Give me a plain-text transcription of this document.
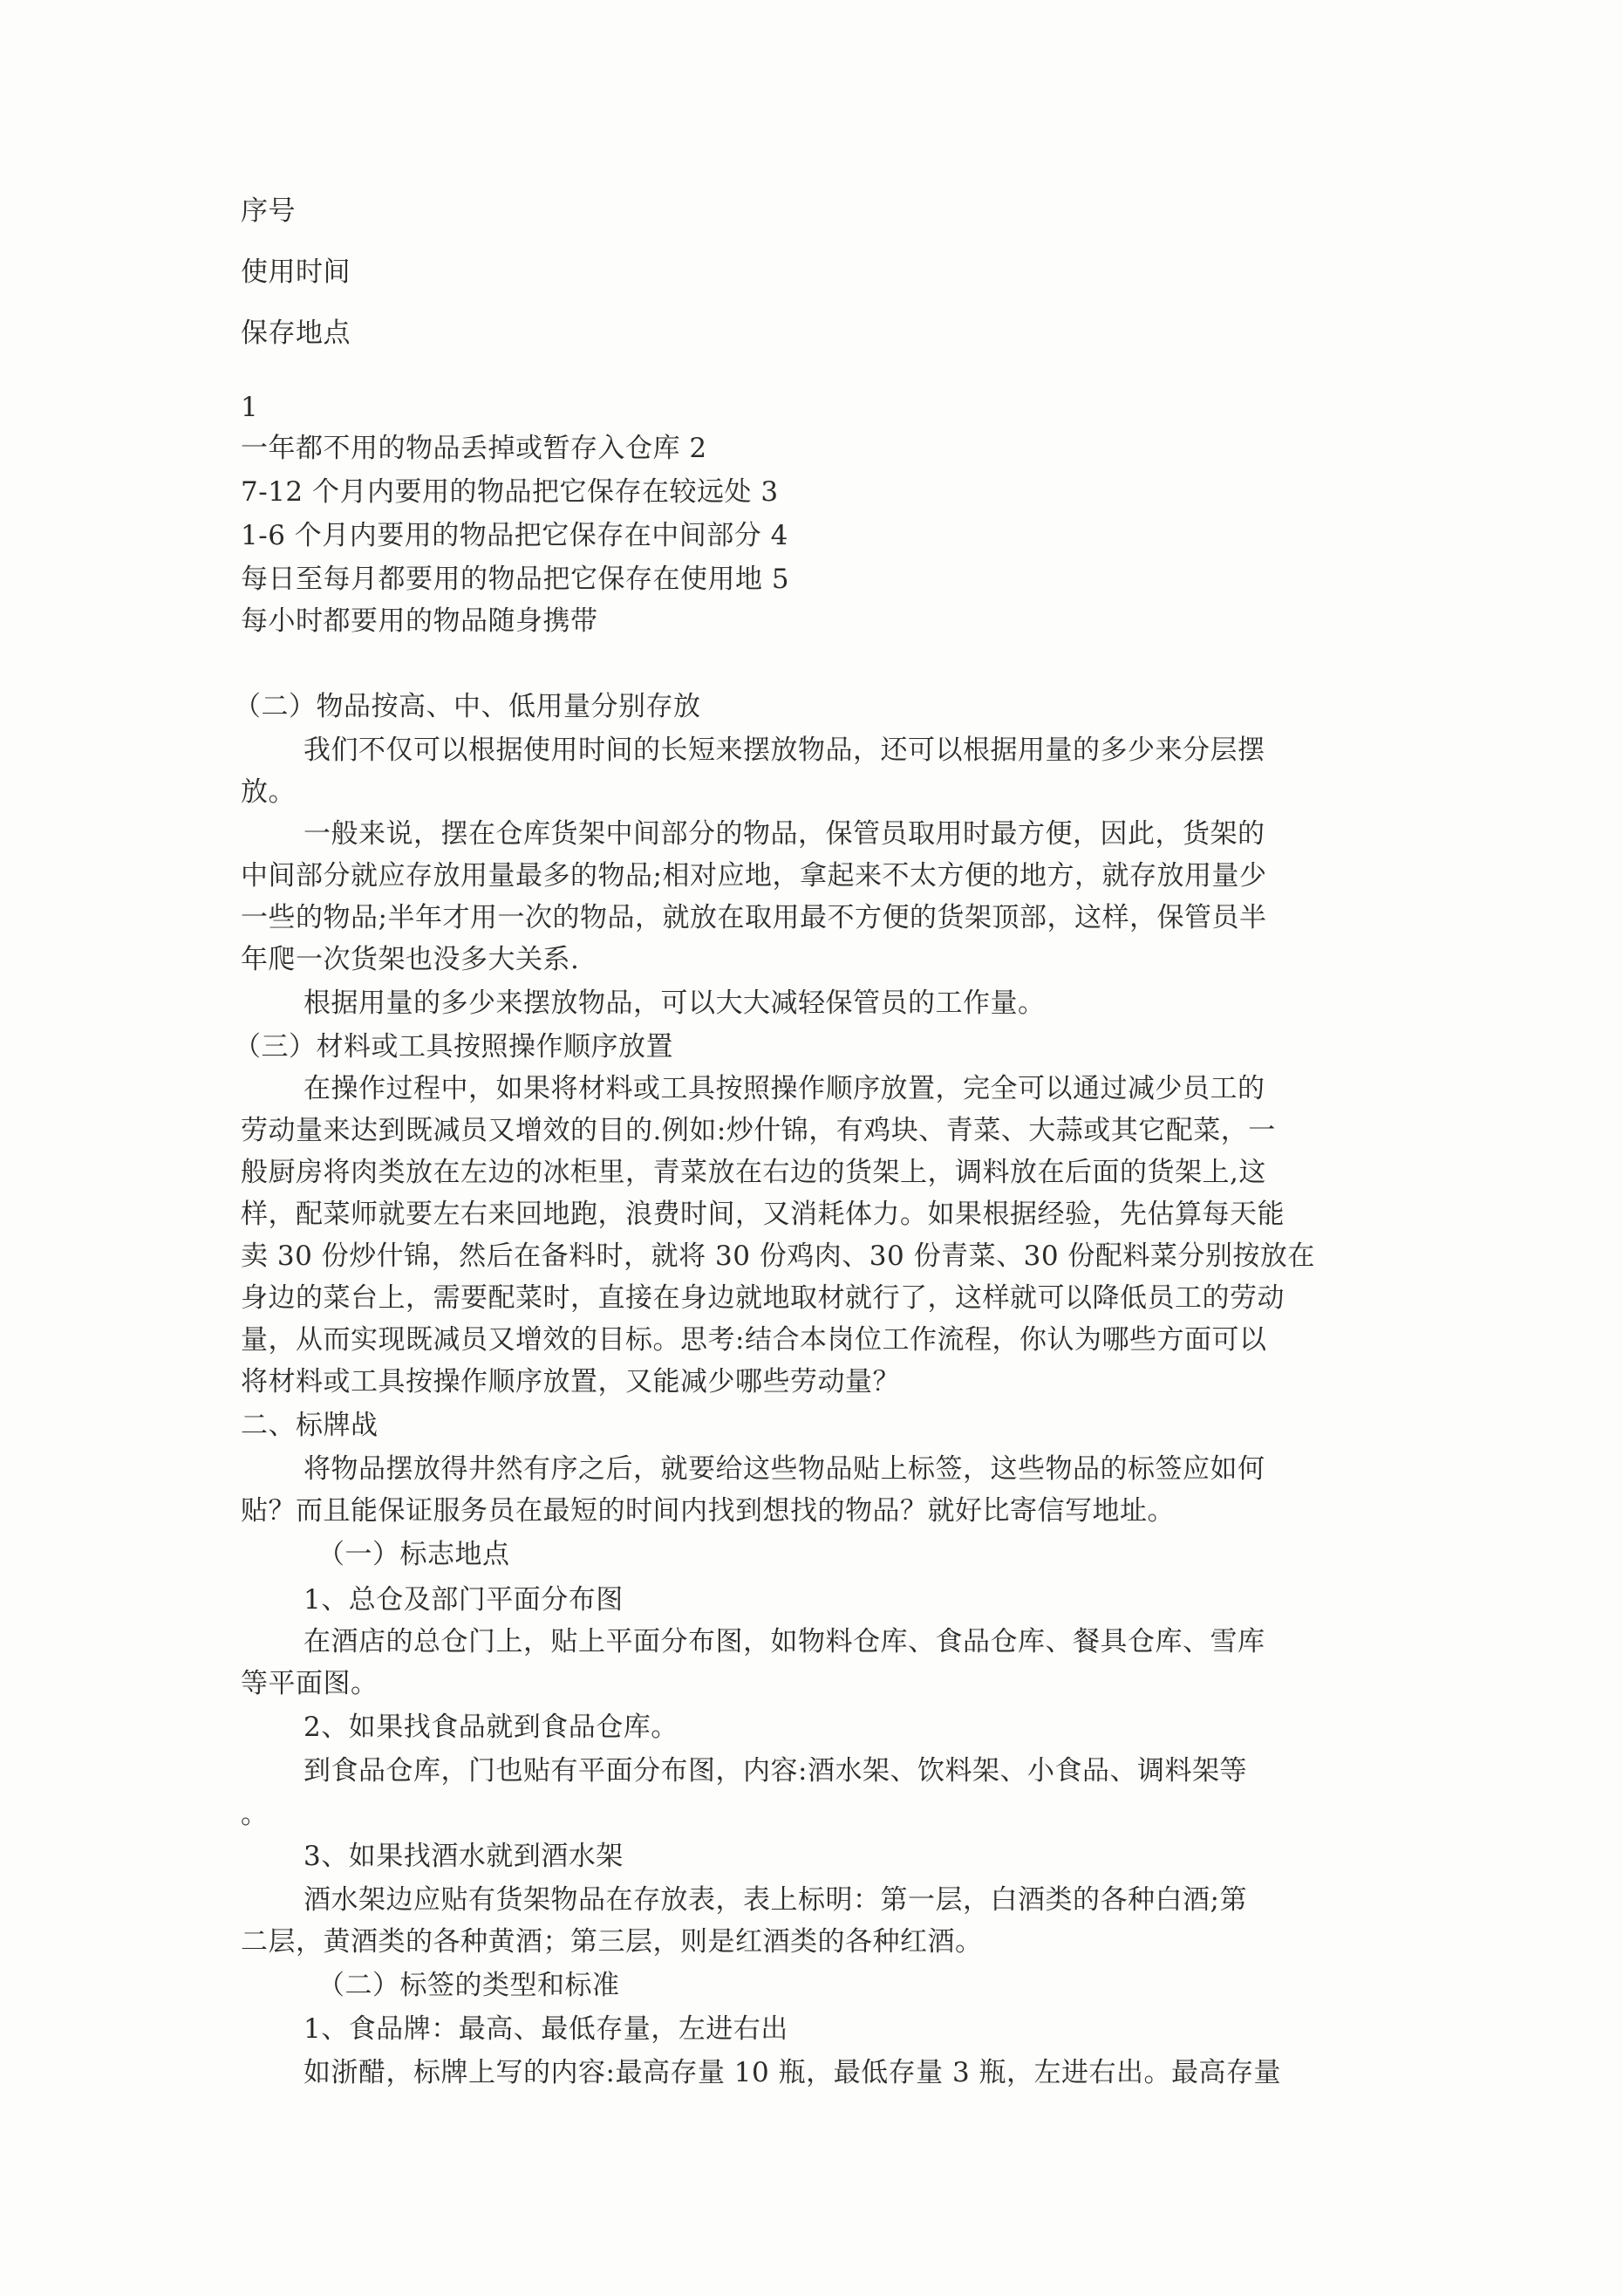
序号
使用时间
保存地点
1
一年都不用的物品丢掉或暂存入仓库 2
7-12 个月内要用的物品把它保存在较远处 3
1-6 个月内要用的物品把它保存在中间部分 4
每日至每月都要用的物品把它保存在使用地 5
每小时都要用的物品随身携带
（二）物品按高、中、低用量分别存放
我们不仅可以根据使用时间的长短来摆放物品，还可以根据用量的多少来分层摆
放。
一般来说，摆在仓库货架中间部分的物品，保管员取用时最方便，因此，货架的
中间部分就应存放用量最多的物品;相对应地，拿起来不太方便的地方，就存放用量少
一些的物品;半年才用一次的物品，就放在取用最不方便的货架顶部，这样，保管员半
年爬一次货架也没多大关系.
根据用量的多少来摆放物品，可以大大减轻保管员的工作量。
（三）材料或工具按照操作顺序放置
在操作过程中，如果将材料或工具按照操作顺序放置，完全可以通过减少员工的
劳动量来达到既减员又增效的目的.例如:炒什锦，有鸡块、青菜、大蒜或其它配菜，一
般厨房将肉类放在左边的冰柜里，青菜放在右边的货架上，调料放在后面的货架上,这
样，配菜师就要左右来回地跑，浪费时间，又消耗体力。如果根据经验，先估算每天能
卖 30 份炒什锦，然后在备料时，就将 30 份鸡肉、30 份青菜、30 份配料菜分别按放在
身边的菜台上，需要配菜时，直接在身边就地取材就行了，这样就可以降低员工的劳动
量，从而实现既减员又增效的目标。思考:结合本岗位工作流程，你认为哪些方面可以
将材料或工具按操作顺序放置，又能减少哪些劳动量？
二、标牌战
将物品摆放得井然有序之后，就要给这些物品贴上标签，这些物品的标签应如何
贴？而且能保证服务员在最短的时间内找到想找的物品？就好比寄信写地址。
（一）标志地点
1、总仓及部门平面分布图
在酒店的总仓门上，贴上平面分布图，如物料仓库、食品仓库、餐具仓库、雪库
等平面图。
2、如果找食品就到食品仓库。
到食品仓库，门也贴有平面分布图，内容:酒水架、饮料架、小食品、调料架等
。
3、如果找酒水就到酒水架
酒水架边应贴有货架物品在存放表，表上标明：第一层，白酒类的各种白酒;第
二层，黄酒类的各种黄酒；第三层，则是红酒类的各种红酒。
（二）标签的类型和标准
1、食品牌：最高、最低存量，左进右出
如浙醋，标牌上写的内容:最高存量 10 瓶，最低存量 3 瓶，左进右出。最高存量
